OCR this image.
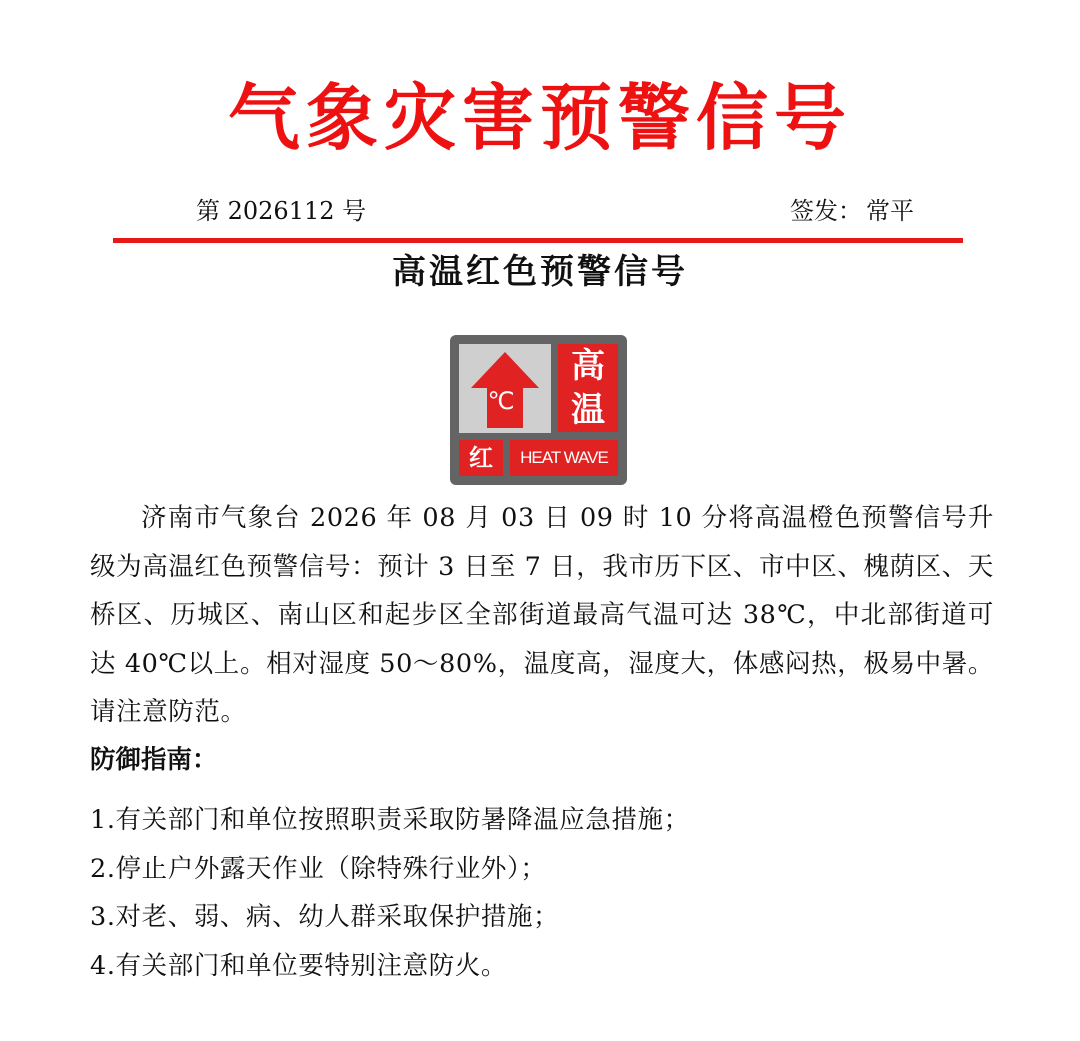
气象灾害预警信号
第 2026112 号	签发： 常平
高温红色预警信号
℃
高
温
红	HEAT WAVE

济南市气象台 2026 年 08 月 03 日 09 时 10 分将高温橙色预警信号升级为高温红色预警信号：预计 3 日至 7 日，我市历下区、市中区、槐荫区、天桥区、历城区、南山区和起步区全部街道最高气温可达 38℃，中北部街道可达 40℃以上。相对湿度 50～80%，温度高，湿度大，体感闷热，极易中暑。请注意防范。

防御指南：
1.有关部门和单位按照职责采取防暑降温应急措施；
2.停止户外露天作业（除特殊行业外）；
3.对老、弱、病、幼人群采取保护措施；
4.有关部门和单位要特别注意防火。
